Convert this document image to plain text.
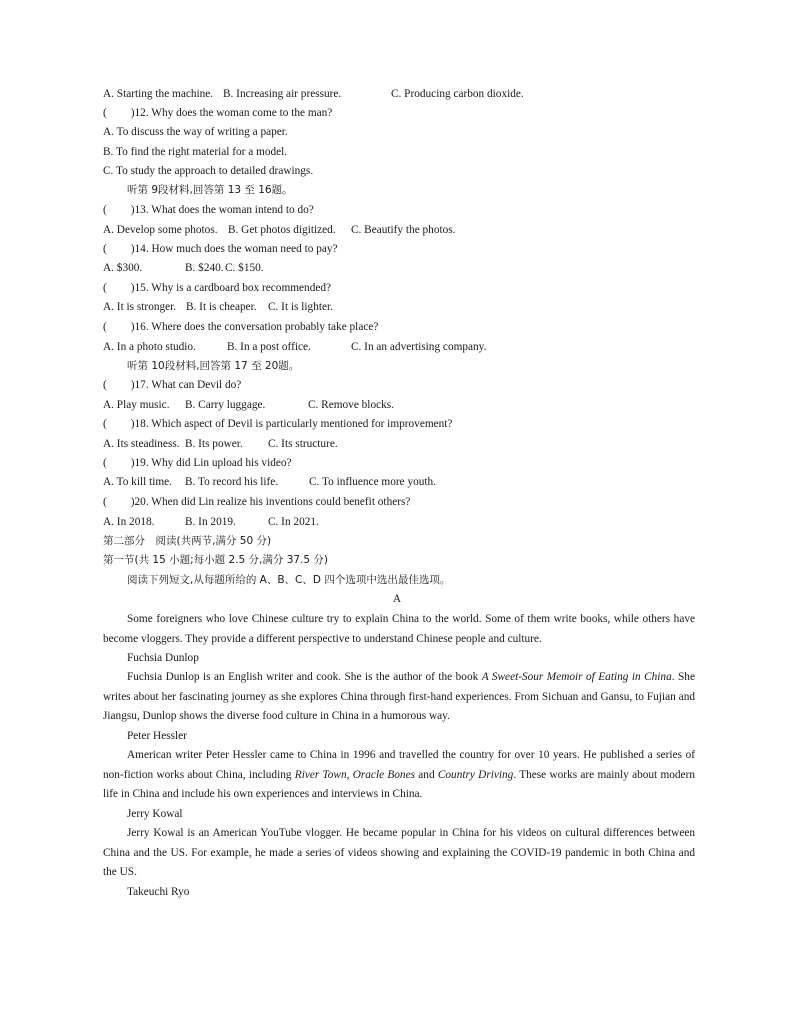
A. Starting the machine. B. Increasing air pressure.	C. Producing carbon dioxide.
( )12. Why does the woman come to the man?
A. To discuss the way of writing a paper.
B. To find the right material for a model.
C. To study the approach to detailed drawings.
听第 9段材料,回答第 13 至 16题。
( )13. What does the woman intend to do?
A. Develop some photos. B. Get photos digitized. C. Beautify the photos.
( )14. How much does the woman need to pay?
A. $300.	B. $240.C. $150.
( )15. Why is a cardboard box recommended?
A. It is stronger. B. It is cheaper. C. It is lighter.
( )16. Where does the conversation probably take place?
A. In a photo studio.	B. In a post office.	C. In an advertising company.
听第 10段材料,回答第 17 至 20题。
( )17. What can Devil do?
A. Play music. B. Carry luggage.	C. Remove blocks.
( )18. Which aspect of Devil is particularly mentioned for improvement?
A. Its steadiness. B. Its power. C. Its structure.
( )19. Why did Lin upload his video?
A. To kill time. B. To record his life.	C. To influence more youth.
( )20. When did Lin realize his inventions could benefit others?
A. In 2018.	B. In 2019.	C. In 2021.
第二部分　阅读(共两节,满分 50 分)
第一节(共 15 小题;每小题 2.5 分,满分 37.5 分)
阅读下列短文,从每题所给的 A、B、C、D 四个选项中选出最佳选项。
A
Some foreigners who love Chinese culture try to explain China to the world. Some of them write books, while others have become vloggers. They provide a different perspective to understand Chinese people and culture.
Fuchsia Dunlop
Fuchsia Dunlop is an English writer and cook. She is the author of the book A Sweet-Sour Memoir of Eating in China. She writes about her fascinating journey as she explores China through first-hand experiences. From Sichuan and Gansu, to Fujian and Jiangsu, Dunlop shows the diverse food culture in China in a humorous way.
Peter Hessler
American writer Peter Hessler came to China in 1996 and travelled the country for over 10 years. He published a series of non-fiction works about China, including River Town, Oracle Bones and Country Driving. These works are mainly about modern life in China and include his own experiences and interviews in China.
Jerry Kowal
Jerry Kowal is an American YouTube vlogger. He became popular in China for his videos on cultural differences between China and the US. For example, he made a series of videos showing and explaining the COVID-19 pandemic in both China and the US.
Takeuchi Ryo
